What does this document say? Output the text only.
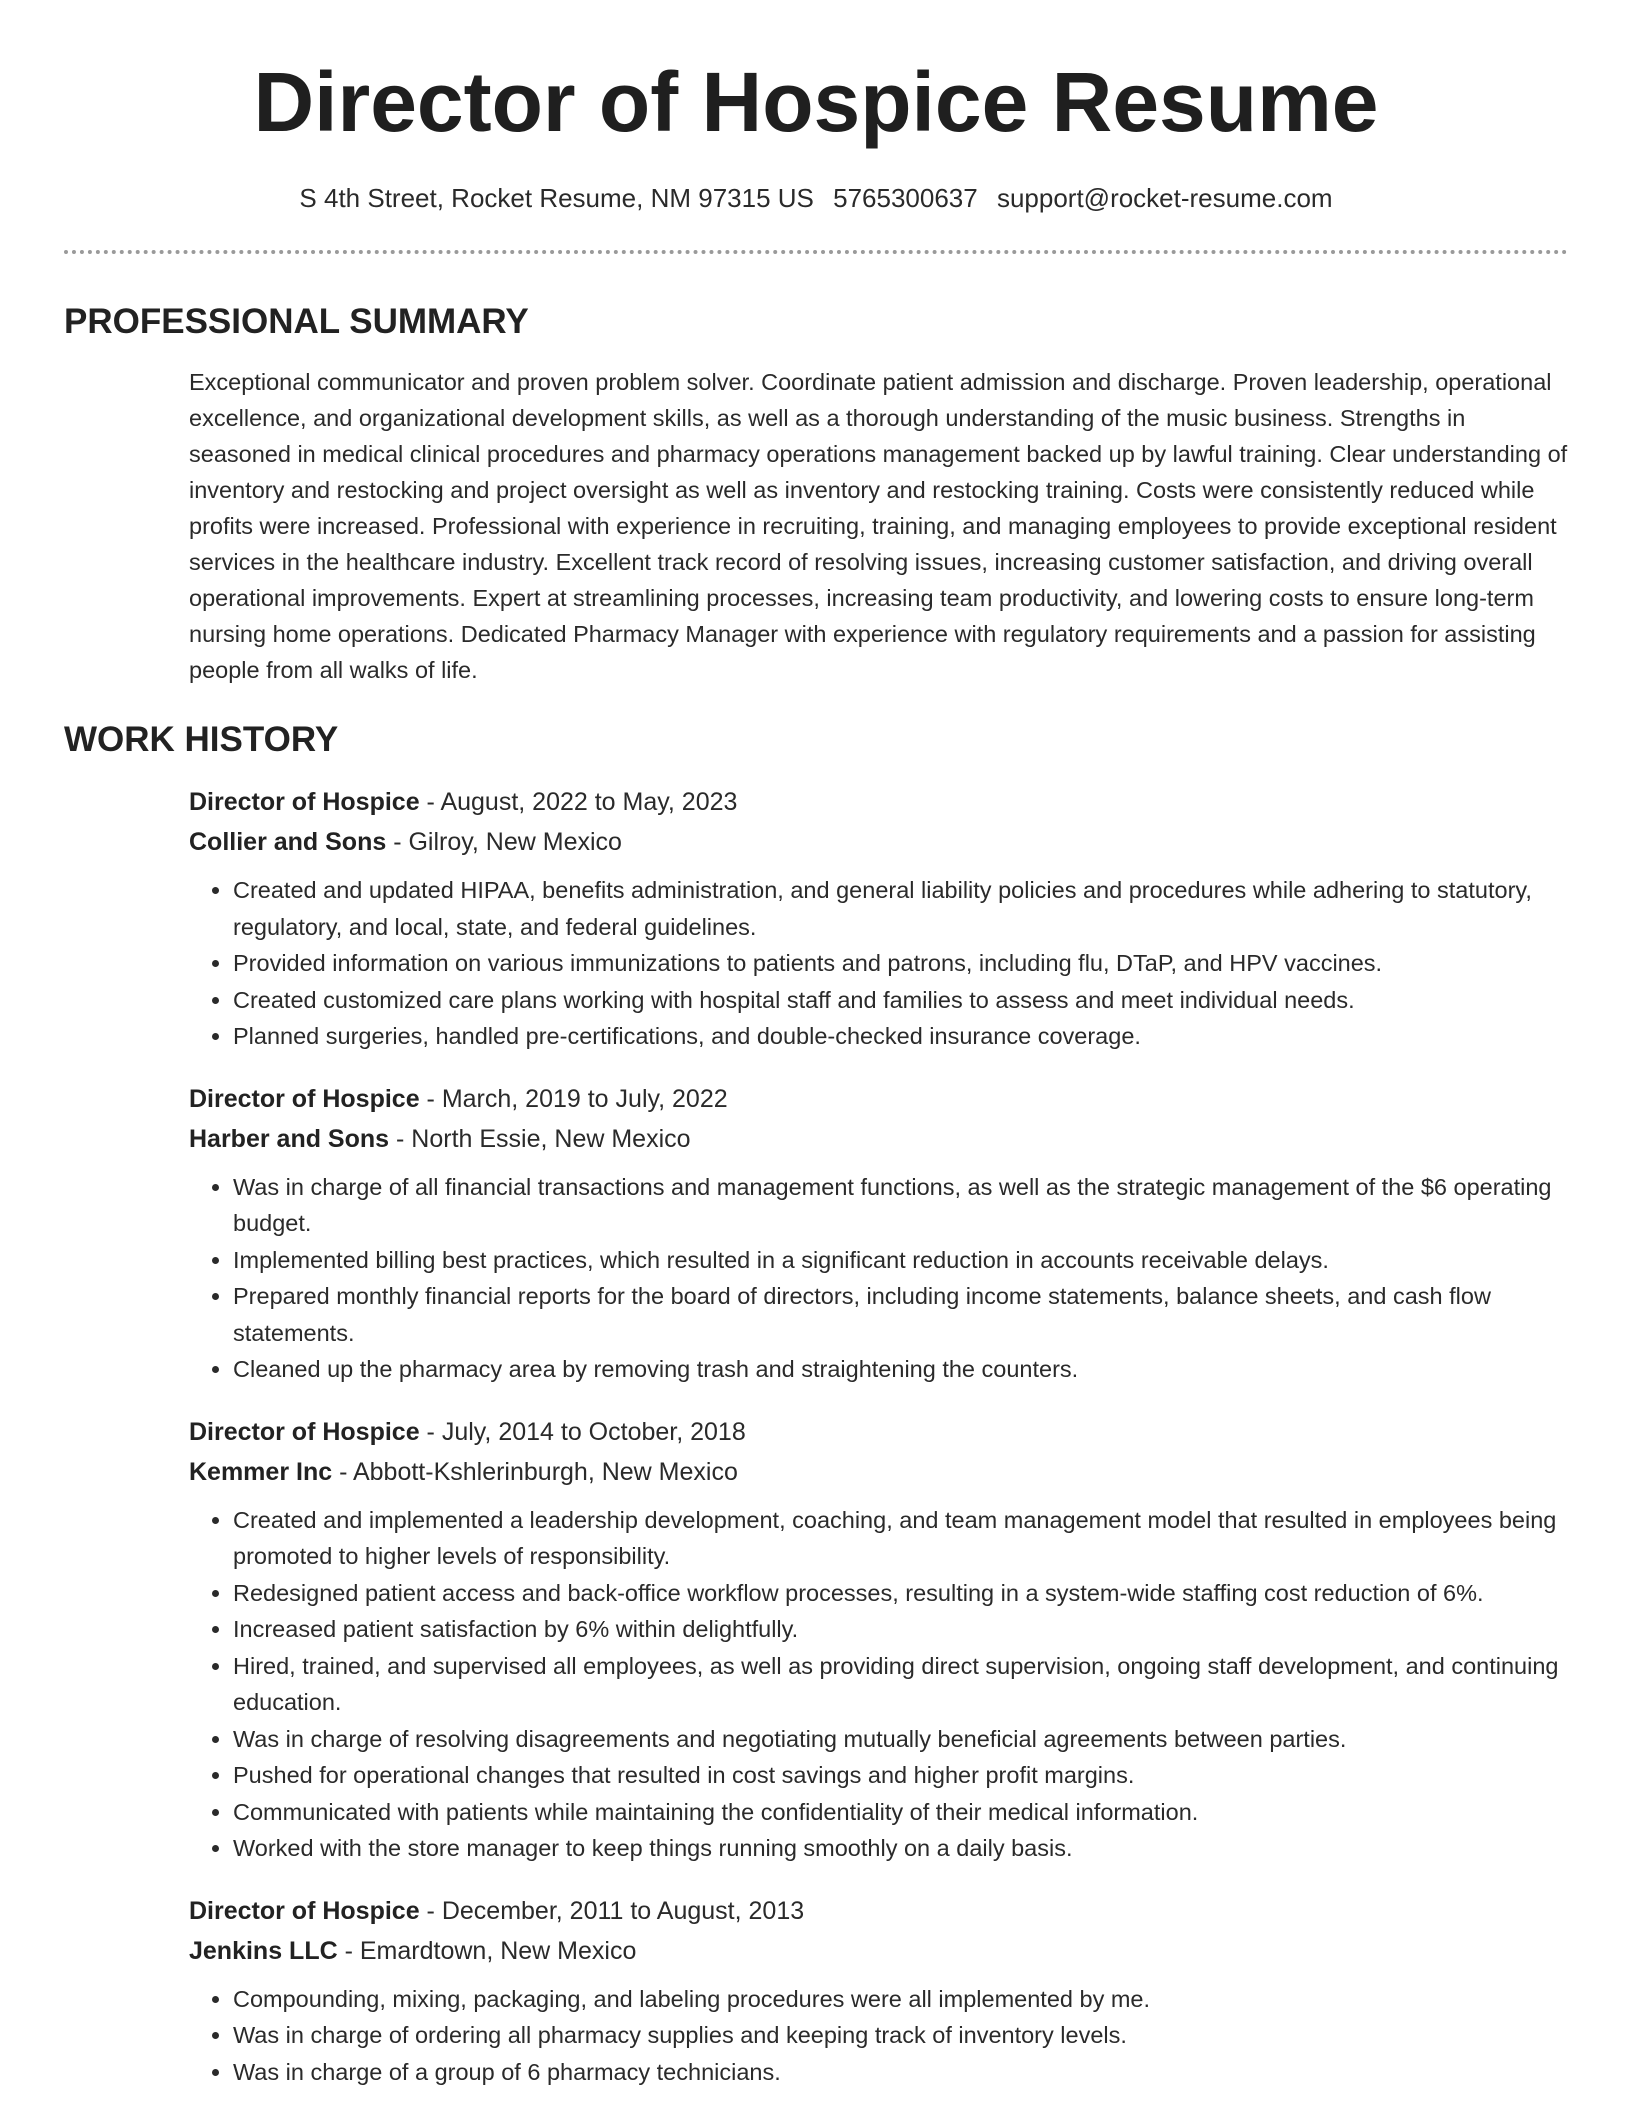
Director of Hospice Resume
S 4th Street, Rocket Resume, NM 97315 US 5765300637 support@rocket-resume.com
PROFESSIONAL SUMMARY
Exceptional communicator and proven problem solver. Coordinate patient admission and discharge. Proven leadership, operational excellence, and organizational development skills, as well as a thorough understanding of the music business. Strengths in seasoned in medical clinical procedures and pharmacy operations management backed up by lawful training. Clear understanding of inventory and restocking and project oversight as well as inventory and restocking training. Costs were consistently reduced while profits were increased. Professional with experience in recruiting, training, and managing employees to provide exceptional resident services in the healthcare industry. Excellent track record of resolving issues, increasing customer satisfaction, and driving overall operational improvements. Expert at streamlining processes, increasing team productivity, and lowering costs to ensure long-term nursing home operations. Dedicated Pharmacy Manager with experience with regulatory requirements and a passion for assisting people from all walks of life.
WORK HISTORY
Director of Hospice - August, 2022 to May, 2023
Collier and Sons - Gilroy, New Mexico
• Created and updated HIPAA, benefits administration, and general liability policies and procedures while adhering to statutory, regulatory, and local, state, and federal guidelines.
• Provided information on various immunizations to patients and patrons, including flu, DTaP, and HPV vaccines.
• Created customized care plans working with hospital staff and families to assess and meet individual needs.
• Planned surgeries, handled pre-certifications, and double-checked insurance coverage.
Director of Hospice - March, 2019 to July, 2022
Harber and Sons - North Essie, New Mexico
• Was in charge of all financial transactions and management functions, as well as the strategic management of the $6 operating budget.
• Implemented billing best practices, which resulted in a significant reduction in accounts receivable delays.
• Prepared monthly financial reports for the board of directors, including income statements, balance sheets, and cash flow statements.
• Cleaned up the pharmacy area by removing trash and straightening the counters.
Director of Hospice - July, 2014 to October, 2018
Kemmer Inc - Abbott-Kshlerinburgh, New Mexico
• Created and implemented a leadership development, coaching, and team management model that resulted in employees being promoted to higher levels of responsibility.
• Redesigned patient access and back-office workflow processes, resulting in a system-wide staffing cost reduction of 6%.
• Increased patient satisfaction by 6% within delightfully.
• Hired, trained, and supervised all employees, as well as providing direct supervision, ongoing staff development, and continuing education.
• Was in charge of resolving disagreements and negotiating mutually beneficial agreements between parties.
• Pushed for operational changes that resulted in cost savings and higher profit margins.
• Communicated with patients while maintaining the confidentiality of their medical information.
• Worked with the store manager to keep things running smoothly on a daily basis.
Director of Hospice - December, 2011 to August, 2013
Jenkins LLC - Emardtown, New Mexico
• Compounding, mixing, packaging, and labeling procedures were all implemented by me.
• Was in charge of ordering all pharmacy supplies and keeping track of inventory levels.
• Was in charge of a group of 6 pharmacy technicians.
